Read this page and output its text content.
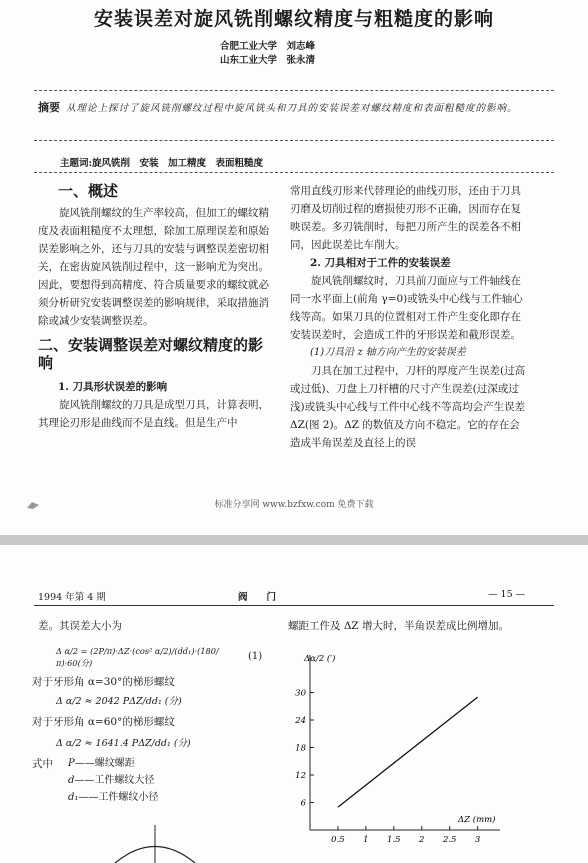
安装误差对旋风铣削螺纹精度与粗糙度的影响
合肥工业大学　 刘志峰
山东工业大学　 张永清
摘要 从理论上探讨了旋风铣削螺纹过程中旋风铣头和刀具的安装误差对螺纹精度和表面粗糙度的影响。
主题词:旋风铣削　安装　加工精度　表面粗糙度
一、概述

旋风铣削螺纹的生产率较高，但加工的螺纹精度及表面粗糙度不太理想，除加工原理误差和原始误差影响之外，还与刀具的安装与调整误差密切相关，在密齿旋风铣削过程中，这一影响尤为突出。因此，要想得到高精度、符合质量要求的螺纹就必须分析研究安装调整误差的影响规律，采取措施消除或减少安装调整误差。

二、安装调整误差对螺纹精度的影响
1. 刀具形状误差的影响

旋风铣削螺纹的刀具是成型刀具，计算表明，其理论刃形是曲线而不是直线。但是生产中

常用直线刃形来代替理论的曲线刃形，还由于刀具刃磨及切削过程的磨损使刃形不正确，因而存在复映误差。多刃铣削时，每把刀所产生的误差各不相同，因此误差比车削大。

2. 刀具相对于工件的安装误差

旋风铣削螺纹时，刀具前刀面应与工件轴线在同一水平面上(前角 γ=0)或铣头中心线与工件轴心线等高。如果刀具的位置相对工件产生变化即存在安装误差时，会造成工件的牙形误差和截形误差。

(1)刀具沿 z 轴方向产生的安装误差

刀具在加工过程中，刀杆的厚度产生误差(过高或过低)、刀盘上刀杆槽的尺寸产生误差(过深或过浅)或铣头中心线与工件中心线不等高均会产生误差 ΔZ(图 2)。ΔZ 的数值及方向不稳定。它的存在会造成半角误差及直径上的误

标准分享网 www.bzfxw.com 免费下载
1994 年第 4 期	阀　　门	— 15 —
差。其误差大小为
Δ α/2 = (2P/π)·ΔZ·(cos² α/2)/(dd₁)·(180/π)·60(分)
(1)
对于牙形角 α=30°的梯形螺纹
Δ α/2 ≈ 2042 PΔZ/dd₁ (分)
对于牙形角 α=60°的梯形螺纹
Δ α/2 ≈ 1641.4 PΔZ/dd₁ (分)
式中 P——螺纹螺距
d——工件螺纹大径
d₁——工件螺纹小径
螺距工件及 ΔZ 增大时，半角误差成比例增加。
Δα/2 (′)
ΔZ (mm)
0.5 1 1.5 2 2.5 3
6
12
18
24
30
